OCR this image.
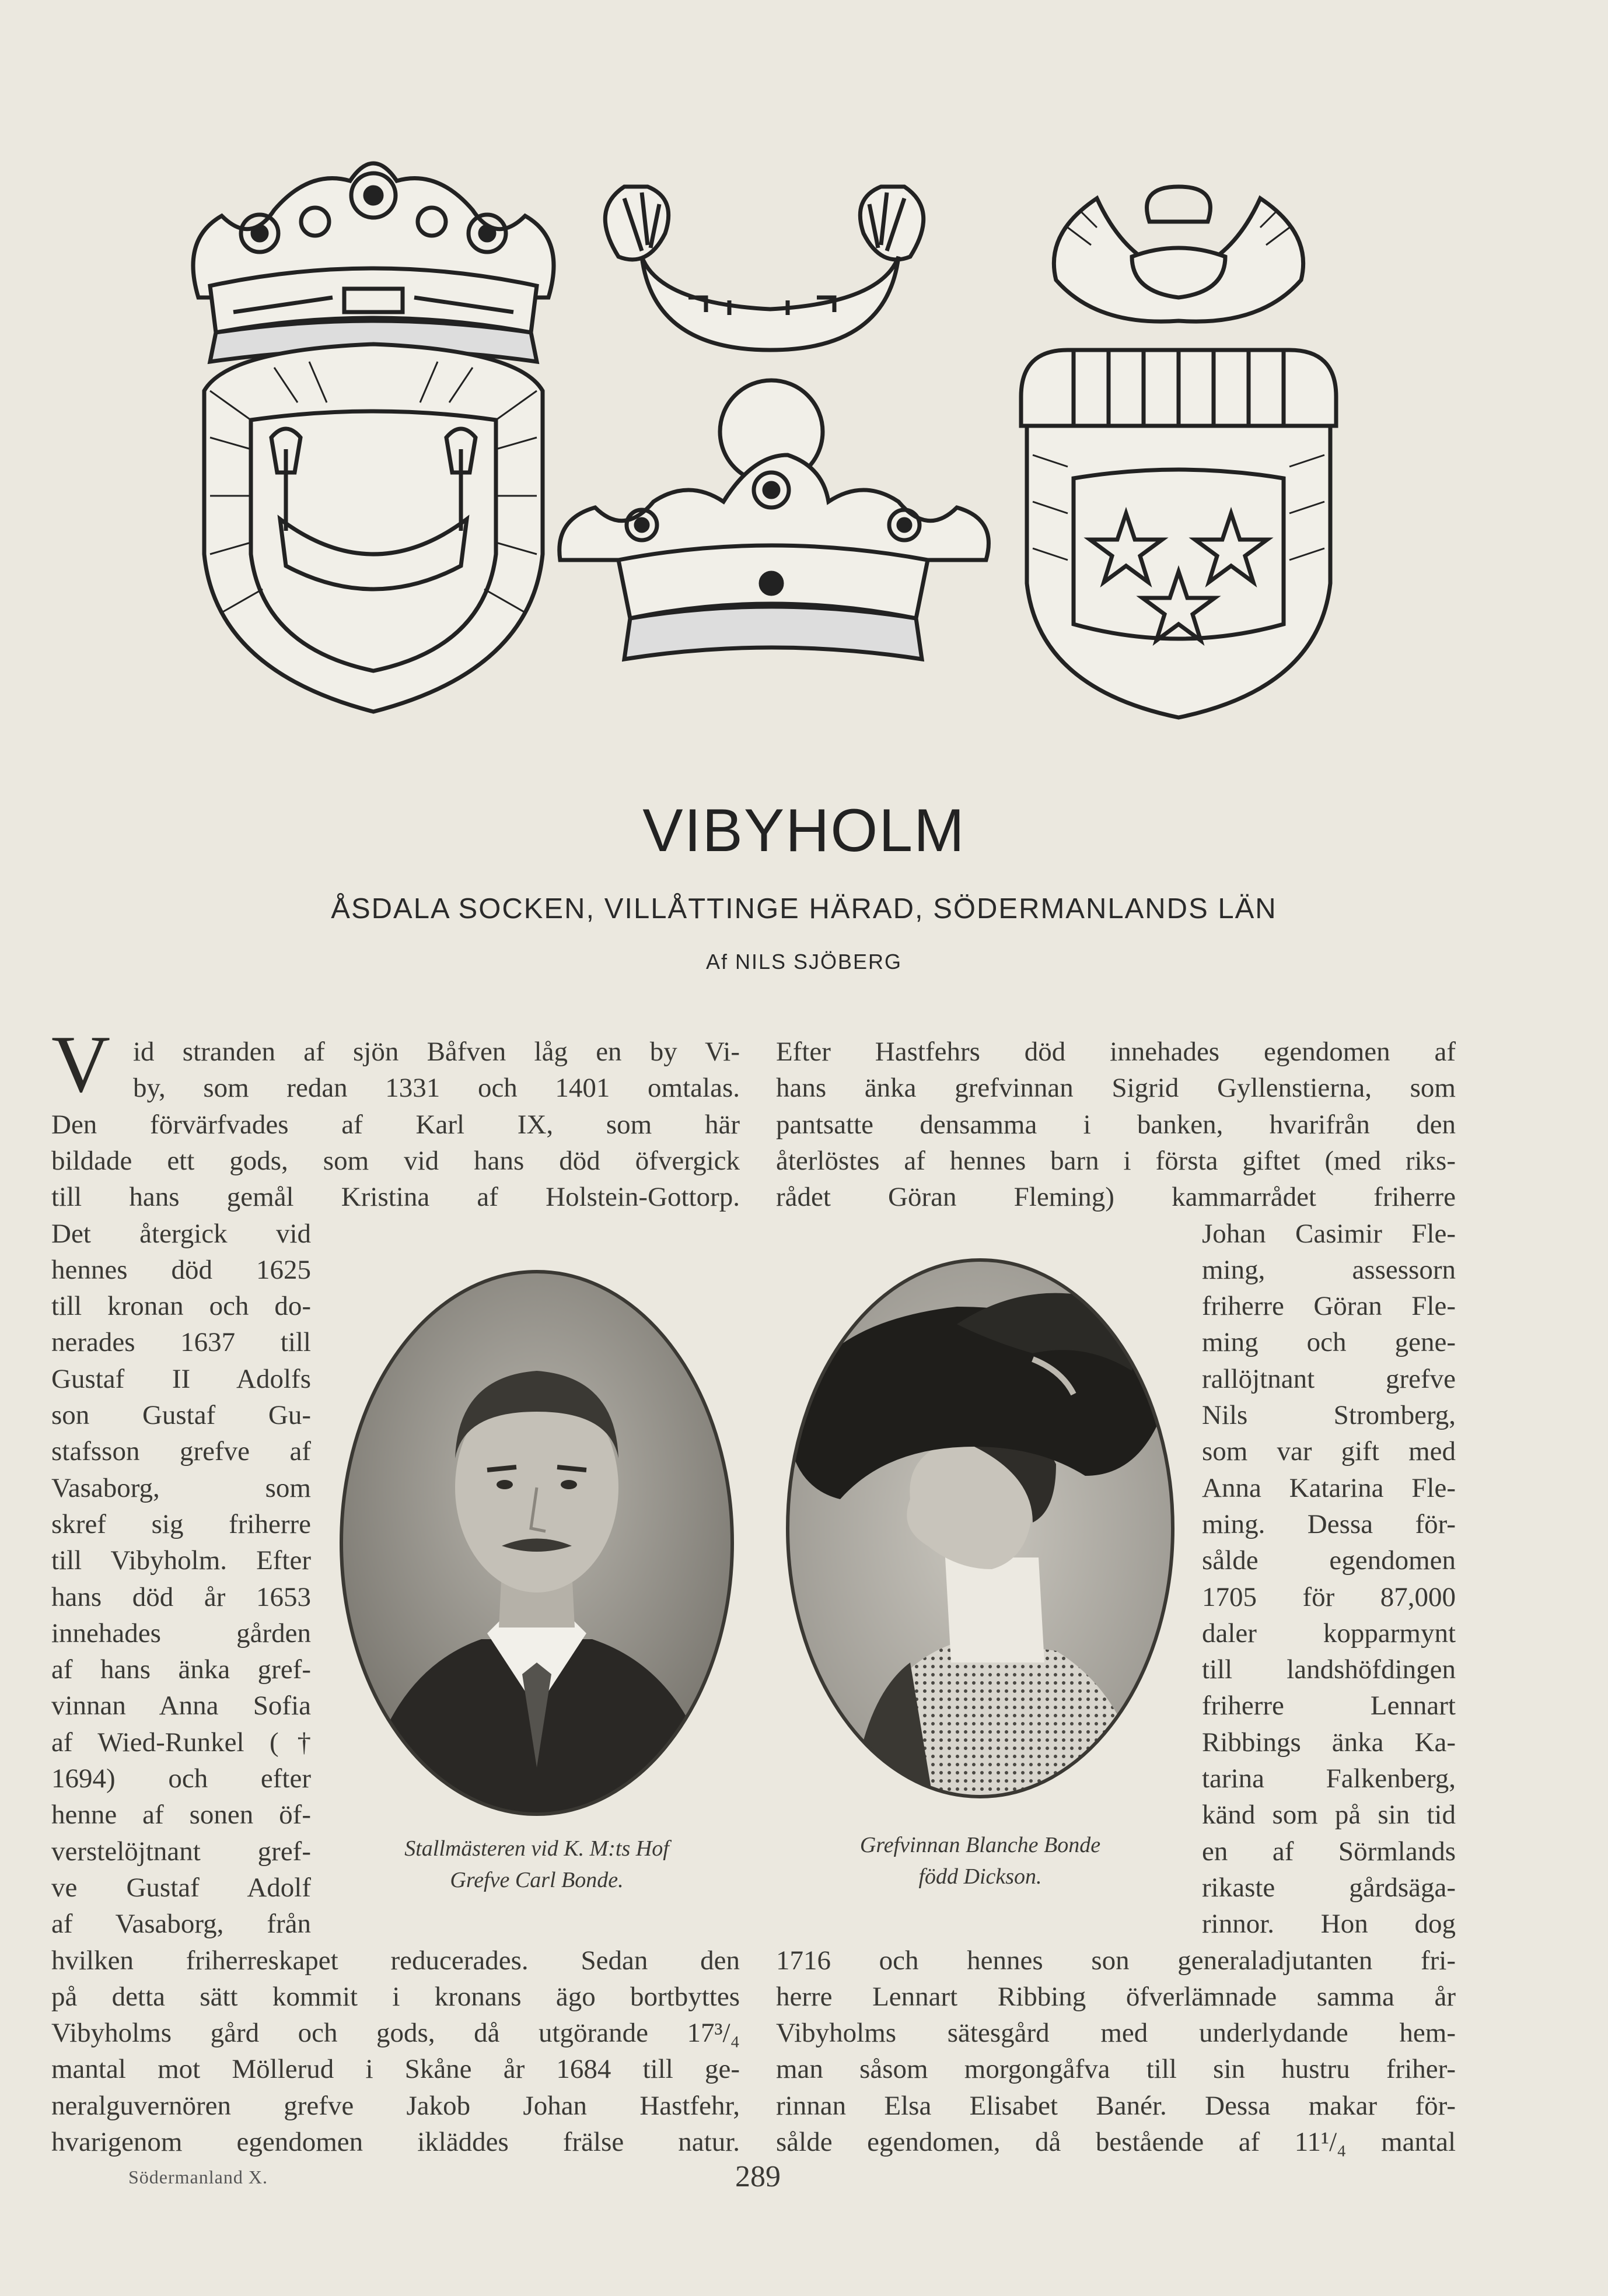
VIBYHOLM
ÅSDALA SOCKEN, VILLÅTTINGE HÄRAD, SÖDERMANLANDS LÄN
Af NILS SJÖBERG
V id stranden af sjön Båfven låg en by Vi-
by, som redan 1331 och 1401 omtalas.
Den förvärfvades af Karl IX, som här
bildade ett gods, som vid hans död öfvergick
till hans gemål Kristina af Holstein-Gottorp.
Det återgick vid
hennes död 1625
till kronan och do-
nerades 1637 till
Gustaf II Adolfs
son Gustaf Gu-
stafsson grefve af
Vasaborg, som
skref sig friherre
till Vibyholm. Efter
hans död år 1653
innehades gården
af hans änka gref-
vinnan Anna Sofia
af Wied-Runkel (†
1694) och efter
henne af sonen öf-
verstelöjtnant gref-
ve Gustaf Adolf
af Vasaborg, från
hvilken friherreskapet reducerades. Sedan den
på detta sätt kommit i kronans ägo bortbyttes
Vibyholms gård och gods, då utgörande 17³/₄
mantal mot Möllerud i Skåne år 1684 till ge-
neralguvernören grefve Jakob Johan Hastfehr,
hvarigenom egendomen ikläddes frälse natur.
Efter Hastfehrs död innehades egendomen af
hans änka grefvinnan Sigrid Gyllenstierna, som
pantsatte densamma i banken, hvarifrån den
återlöstes af hennes barn i första giftet (med riks-
rådet Göran Fleming) kammarrådet friherre
Johan Casimir Fle-
ming, assessorn
friherre Göran Fle-
ming och gene-
rallöjtnant grefve
Nils Stromberg,
som var gift med
Anna Katarina Fle-
ming. Dessa för-
sålde egendomen
1705 för 87,000
daler kopparmynt
till landshöfdingen
friherre Lennart
Ribbings änka Ka-
tarina Falkenberg,
känd som på sin tid
en af Sörmlands
rikaste gårdsäga-
rinnor. Hon dog
1716 och hennes son generaladjutanten fri-
herre Lennart Ribbing öfverlämnade samma år
Vibyholms sätesgård med underlydande hem-
man såsom morgongåfva till sin hustru friher-
rinnan Elsa Elisabet Banér. Dessa makar för-
sålde egendomen, då bestående af 11¹/₄ mantal
Stallmästeren vid K. M:ts Hof
Grefve Carl Bonde.
Grefvinnan Blanche Bonde
född Dickson.
Södermanland X.	289
